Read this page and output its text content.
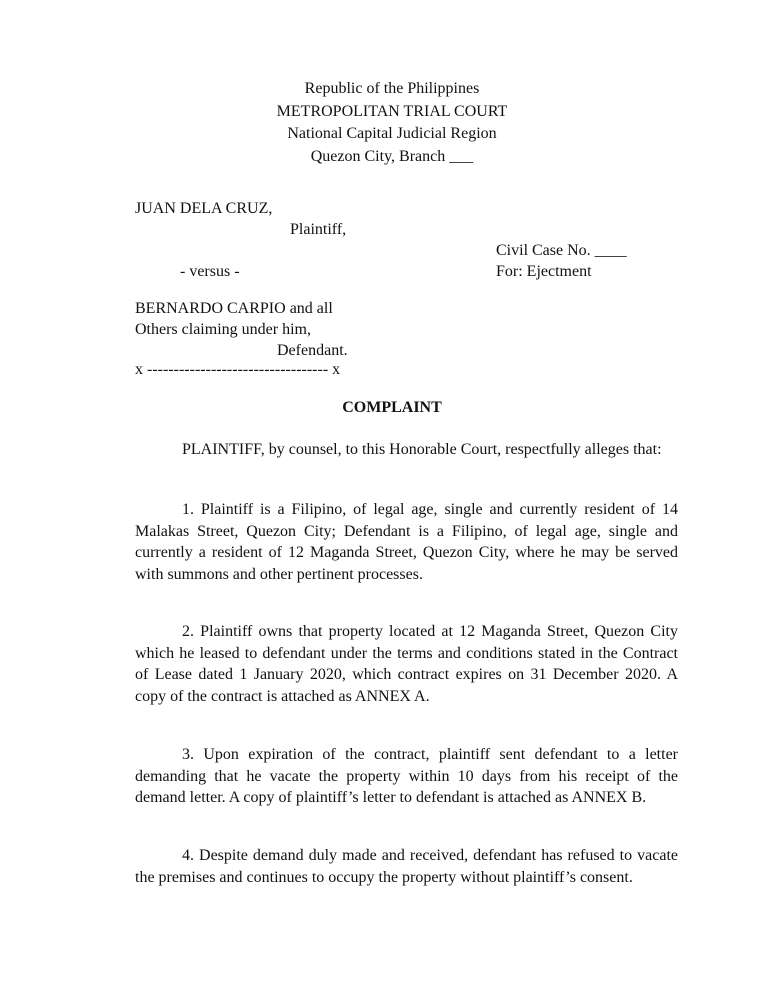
Republic of the Philippines
METROPOLITAN TRIAL COURT
National Capital Judicial Region
Quezon City, Branch ___
JUAN DELA CRUZ,
Plaintiff,
Civil Case No. ____
- versus -	For: Ejectment
BERNARDO CARPIO and all
Others claiming under him,
Defendant.
x ---------------------------------- x
COMPLAINT

PLAINTIFF, by counsel, to this Honorable Court, respectfully alleges that:

1. Plaintiff is a Filipino, of legal age, single and currently resident of 14 Malakas Street, Quezon City; Defendant is a Filipino, of legal age, single and currently a resident of 12 Maganda Street, Quezon City, where he may be served with summons and other pertinent processes.

2. Plaintiff owns that property located at 12 Maganda Street, Quezon City which he leased to defendant under the terms and conditions stated in the Contract of Lease dated 1 January 2020, which contract expires on 31 December 2020. A copy of the contract is attached as ANNEX A.

3. Upon expiration of the contract, plaintiff sent defendant to a letter demanding that he vacate the property within 10 days from his receipt of the demand letter. A copy of plaintiff’s letter to defendant is attached as ANNEX B.

4. Despite demand duly made and received, defendant has refused to vacate the premises and continues to occupy the property without plaintiff’s consent.
